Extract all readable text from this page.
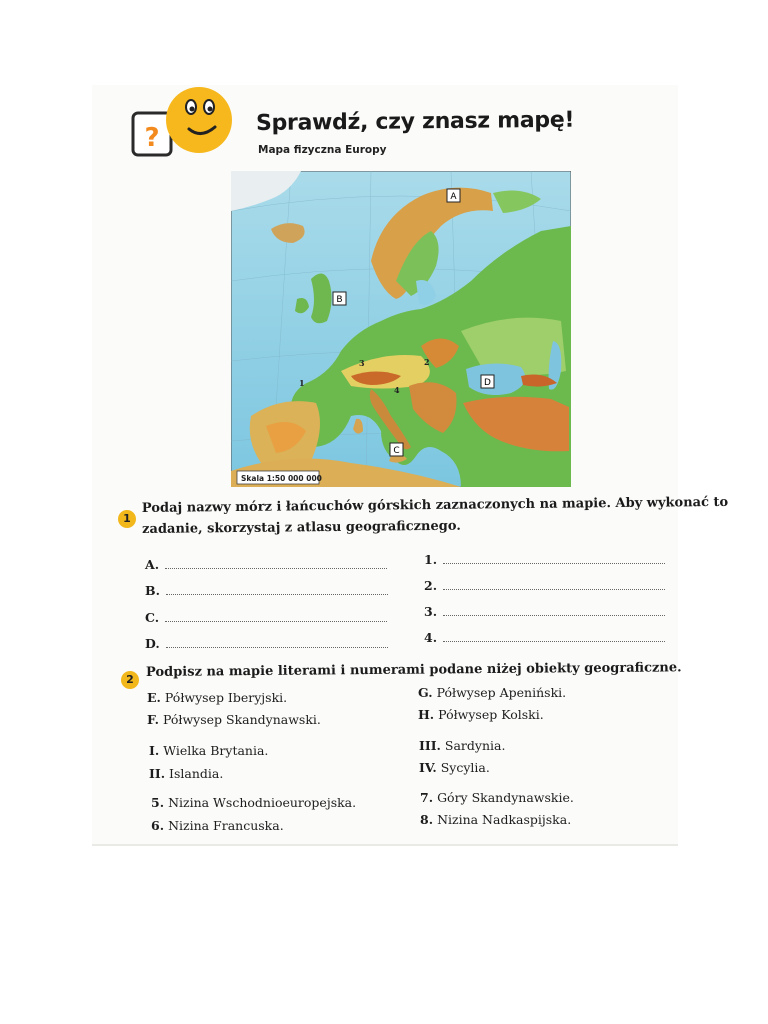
?
Sprawdź, czy znasz mapę!
Mapa fizyczna Europy
A
B
C
D
1
2
3
4
Skala 1:50 000 000
1
Podaj nazwy mórz i łańcuchów górskich zaznaczonych na mapie. Aby wykonać to
zadanie, skorzystaj z atlasu geograficznego.
A.
B.
C.
D.
1.
2.
3.
4.
2 Podpisz na mapie literami i numerami podane niżej obiekty geograficzne.
E. Półwysep Iberyjski.
F. Półwysep Skandynawski.
G. Półwysep Apeniński.
H. Półwysep Kolski.
I. Wielka Brytania.
II. Islandia.
III. Sardynia.
IV. Sycylia.
5. Nizina Wschodnioeuropejska.
6. Nizina Francuska.
7. Góry Skandynawskie.
8. Nizina Nadkaspijska.
